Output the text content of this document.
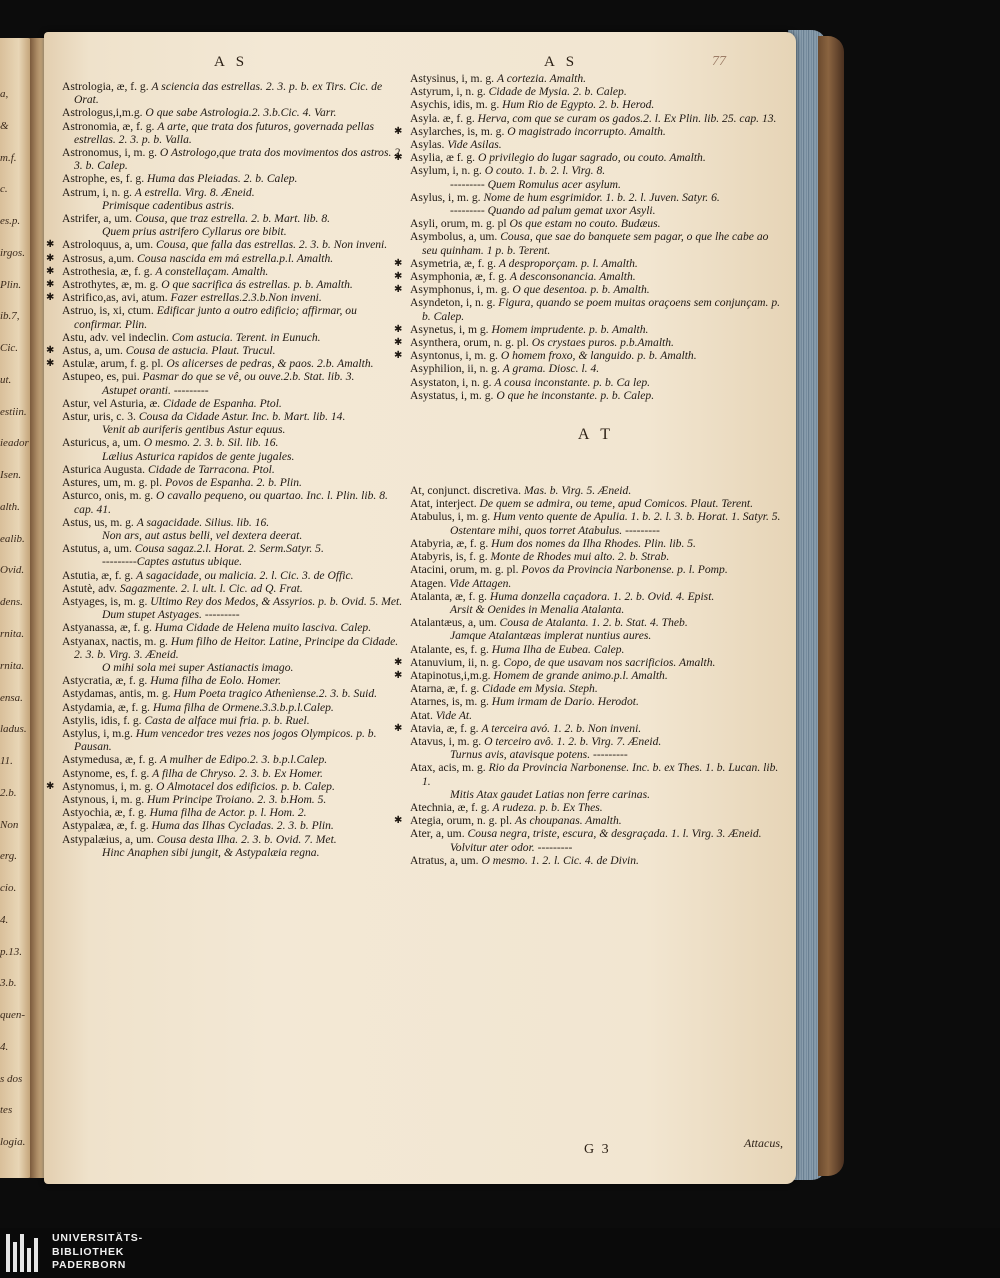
a,
&
m.f.
c.
es.p.
irgos.
Plin.
ib.7,
Cic.
ut.
estiin.
ieador
Isen.
alth.
ealib.
Ovid.
dens.
rnita.
rnita.
ensa.
ladus.
11.
2.b.
Non
erg.
cio.
4.
p.13.
3.b.
quen-
4.
s dos
tes
logia.
A S	A S	77

Astrologia, æ, f. g. A sciencia das estrellas. 2. 3. p. b. ex Tirs. Cic. de Orat.

Astrologus,i,m.g. O que sabe Astrologia.2. 3.b.Cic. 4. Varr.

Astronomia, æ, f. g. A arte, que trata dos futuros, governada pellas estrellas. 2. 3. p. b. Valla.

Astronomus, i, m. g. O Astrologo,que trata dos movimentos dos astros. 2. 3. b. Calep.

Astrophe, es, f. g. Huma das Pleiadas. 2. b. Calep.

Astrum, i, n. g. A estrella. Virg. 8. Æneid.

Primisque cadentibus astris.

Astrifer, a, um. Cousa, que traz estrella. 2. b. Mart. lib. 8.

Quem prius astrifero Cyllarus ore bibit.

✱ Astroloquus, a, um. Cousa, que falla das estrellas. 2. 3. b. Non inveni.

✱ Astrosus, a,um. Cousa nascida em má estrella.p.l. Amalth.

✱ Astrothesia, æ, f. g. A constellaçam. Amalth.

✱ Astrothytes, æ, m. g. O que sacrifica ás estrellas. p. b. Amalth.

✱ Astrifico,as, avi, atum. Fazer estrellas.2.3.b.Non inveni.

Astruo, is, xi, ctum. Edificar junto a outro edificio; affirmar, ou confirmar. Plin.

Astu, adv. vel indeclin. Com astucia. Terent. in Eunuch.

✱ Astus, a, um. Cousa de astucia. Plaut. Trucul.

✱ Astulæ, arum, f. g. pl. Os alicerses de pedras, & paos. 2.b. Amalth.

Astupeo, es, pui. Pasmar do que se vê, ou ouve.2.b. Stat. lib. 3.

Astupet oranti. ---------

Astur, vel Asturia, æ. Cidade de Espanha. Ptol.

Astur, uris, c. 3. Cousa da Cidade Astur. Inc. b. Mart. lib. 14.

Venit ab auriferis gentibus Astur equus.

Asturicus, a, um. O mesmo. 2. 3. b. Sil. lib. 16.

Lælius Asturica rapidos de gente jugales.

Asturica Augusta. Cidade de Tarracona. Ptol.

Astures, um, m. g. pl. Povos de Espanha. 2. b. Plin.

Asturco, onis, m. g. O cavallo pequeno, ou quartao. Inc. l. Plin. lib. 8. cap. 41.

Astus, us, m. g. A sagacidade. Silius. lib. 16.

Non ars, aut astus belli, vel dextera deerat.

Astutus, a, um. Cousa sagaz.2.l. Horat. 2. Serm.Satyr. 5.

---------Captes astutus ubique.

Astutia, æ, f. g. A sagacidade, ou malicia. 2. l. Cic. 3. de Offic.

Astutè, adv. Sagazmente. 2. l. ult. l. Cic. ad Q. Frat.

Astyages, is, m. g. Ultimo Rey dos Medos, & Assyrios. p. b. Ovid. 5. Met.

Dum stupet Astyages. ---------

Astyanassa, æ, f. g. Huma Cidade de Helena muito lasciva. Calep.

Astyanax, nactis, m. g. Hum filho de Heitor. Latine, Principe da Cidade. 2. 3. b. Virg. 3. Æneid.

O mihi sola mei super Astianactis imago.

Astycratia, æ, f. g. Huma filha de Eolo. Homer.

Astydamas, antis, m. g. Hum Poeta tragico Athenìense.2. 3. b. Suid.

Astydamia, æ, f. g. Huma filha de Ormene.3.3.b.p.l.Calep.

Astylis, idis, f. g. Casta de alface mui fria. p. b. Ruel.

Astylus, i, m.g. Hum vencedor tres vezes nos jogos Olympicos. p. b. Pausan.

Astymedusa, æ, f. g. A mulher de Edipo.2. 3. b.p.l.Calep.

Astynome, es, f. g. A filha de Chryso. 2. 3. b. Ex Homer.

✱ Astynomus, i, m. g. O Almotacel dos edificios. p. b. Calep.

Astynous, i, m. g. Hum Principe Troiano. 2. 3. b.Hom. 5.

Astyochia, æ, f. g. Huma filha de Actor. p. l. Hom. 2.

Astypalæa, æ, f. g. Huma das Ilhas Cycladas. 2. 3. b. Plin.

Astypalæius, a, um. Cousa desta Ilha. 2. 3. b. Ovid. 7. Met.

Hinc Anaphen sibi jungit, & Astypalæia regna.

Astysinus, i, m. g. A cortezia. Amalth.

Astyrum, i, n. g. Cidade de Mysia. 2. b. Calep.

Asychis, idis, m. g. Hum Rio de Egypto. 2. b. Herod.

Asyla. æ, f. g. Herva, com que se curam os gados.2. l. Ex Plin. lib. 25. cap. 13.

✱ Asylarches, is, m. g. O magistrado incorrupto. Amalth.

Asylas. Vide Asilas.

✱ Asylia, æ f. g. O privilegio do lugar sagrado, ou couto. Amalth.

Asylum, i, n. g. O couto. 1. b. 2. l. Virg. 8.

--------- Quem Romulus acer asylum.

Asylus, i, m. g. Nome de hum esgrimidor. 1. b. 2. l. Juven. Satyr. 6.

--------- Quando ad palum gemat uxor Asyli.

Asyli, orum, m. g. pl Os que estam no couto. Budæus.

Asymbolus, a, um. Cousa, que sae do banquete sem pagar, o que lhe cabe ao seu quinham. 1 p. b. Terent.

✱ Asymetria, æ, f. g. A desproporçam. p. l. Amalth.

✱ Asymphonia, æ, f. g. A desconsonancia. Amalth.

✱ Asymphonus, i, m. g. O que desentoa. p. b. Amalth.

Asyndeton, i, n. g. Figura, quando se poem muitas oraçoens sem conjunçam. p. b. Calep.

✱ Asynetus, i, m g. Homem imprudente. p. b. Amalth.

✱ Asynthera, orum, n. g. pl. Os crystaes puros. p.b.Amalth.

✱ Asyntonus, i, m. g. O homem froxo, & languido. p. b. Amalth.

Asyphilion, ii, n. g. A grama. Diosc. l. 4.

Asystaton, i, n. g. A cousa inconstante. p. b. Ca lep.

Asystatus, i, m. g. O que he inconstante. p. b. Calep.

A T

At, conjunct. discretiva. Mas. b. Virg. 5. Æneid.

Atat, interject. De quem se admira, ou teme, apud Comicos. Plaut. Terent.

Atabulus, i, m. g. Hum vento quente de Apulia. 1. b. 2. l. 3. b. Horat. 1. Satyr. 5.

Ostentare mihi, quos torret Atabulus. ---------

Atabyria, æ, f. g. Hum dos nomes da Ilha Rhodes. Plin. lib. 5.

Atabyris, is, f. g. Monte de Rhodes mui alto. 2. b. Strab.

Atacini, orum, m. g. pl. Povos da Provincia Narbonense. p. l. Pomp.

Atagen. Vide Attagen.

Atalanta, æ, f. g. Huma donzella caçadora. 1. 2. b. Ovid. 4. Epist.

Arsit & Oenides in Menalia Atalanta.

Atalantæus, a, um. Cousa de Atalanta. 1. 2. b. Stat. 4. Theb.

Jamque Atalantæas implerat nuntius aures.

Atalante, es, f. g. Huma Ilha de Eubea. Calep.

✱ Atanuvium, ii, n. g. Copo, de que usavam nos sacrificios. Amalth.

✱ Atapinotus,i,m.g. Homem de grande animo.p.l. Amalth.

Atarna, æ, f. g. Cidade em Mysia. Steph.

Atarnes, is, m. g. Hum irmam de Dario. Herodot.

Atat. Vide At.

✱ Atavia, æ, f. g. A terceira avó. 1. 2. b. Non inveni.

Atavus, i, m. g. O terceiro avô. 1. 2. b. Virg. 7. Æneid.

Turnus avis, atavisque potens. ---------

Atax, acis, m. g. Rio da Provincia Narbonense. Inc. b. ex Thes. 1. b. Lucan. lib. 1.

Mitis Atax gaudet Latias non ferre carinas.

Atechnia, æ, f. g. A rudeza. p. b. Ex Thes.

✱ Ategia, orum, n. g. pl. As choupanas. Amalth.

Ater, a, um. Cousa negra, triste, escura, & desgraçada. 1. l. Virg. 3. Æneid.

Volvitur ater odor. ---------

Atratus, a, um. O mesmo. 1. 2. l. Cic. 4. de Divin.

G 3	Attacus,
UNIVERSITÄTS-
BIBLIOTHEK
PADERBORN
